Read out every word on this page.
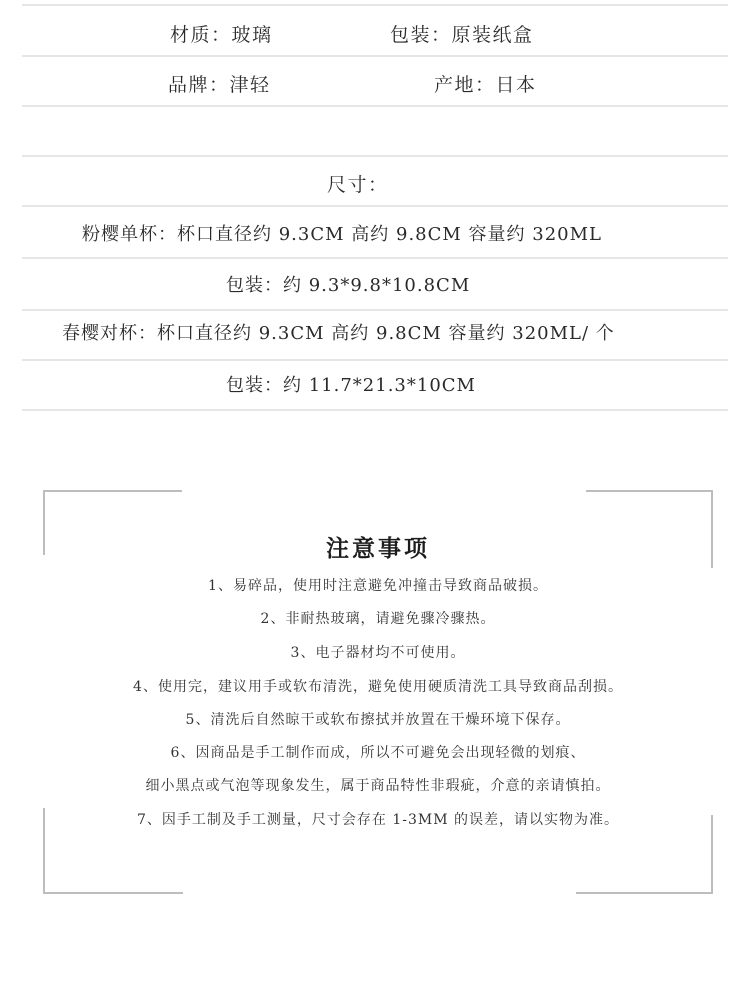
材质：玻璃	包装：原装纸盒
品牌：津轻	产地：日本
尺寸：
粉樱单杯：杯口直径约 9.3CM 高约 9.8CM 容量约 320ML
包装：约 9.3*9.8*10.8CM
春樱对杯：杯口直径约 9.3CM 高约 9.8CM 容量约 320ML/ 个
包装：约 11.7*21.3*10CM
注意事项
1、易碎品，使用时注意避免冲撞击导致商品破损。
2、非耐热玻璃，请避免骤冷骤热。
3、电子器材均不可使用。
4、使用完，建议用手或软布清洗，避免使用硬质清洗工具导致商品刮损。
5、清洗后自然晾干或软布擦拭并放置在干燥环境下保存。
6、因商品是手工制作而成，所以不可避免会出现轻微的划痕、
细小黑点或气泡等现象发生，属于商品特性非瑕疵，介意的亲请慎拍。
7、因手工制及手工测量，尺寸会存在 1-3MM 的误差，请以实物为准。
